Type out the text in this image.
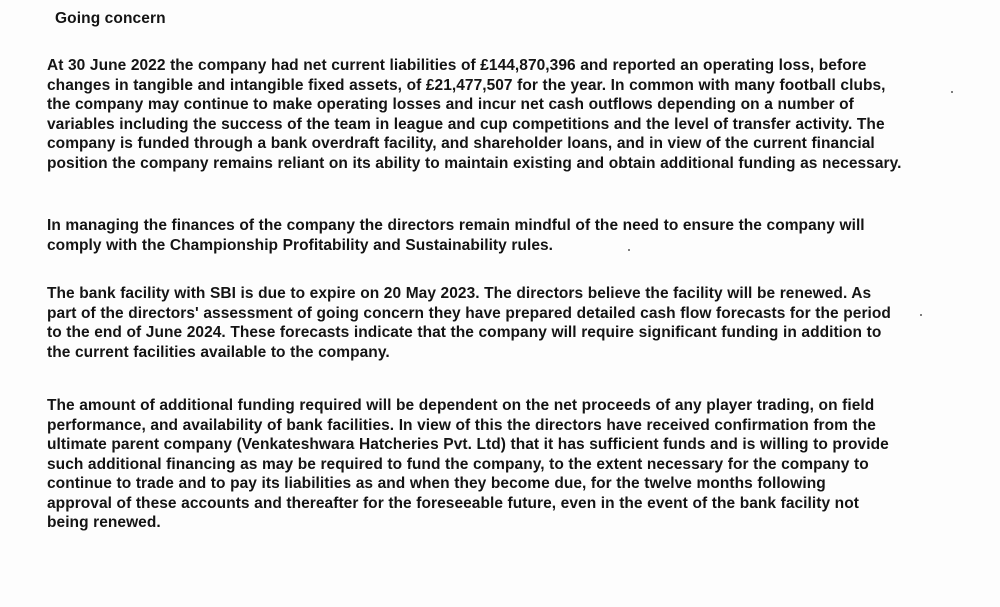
Going concern

At 30 June 2022 the company had net current liabilities of £144,870,396 and reported an operating loss, before
changes in tangible and intangible fixed assets, of £21,477,507 for the year. In common with many football clubs,
the company may continue to make operating losses and incur net cash outflows depending on a number of
variables including the success of the team in league and cup competitions and the level of transfer activity. The
company is funded through a bank overdraft facility, and shareholder loans, and in view of the current financial
position the company remains reliant on its ability to maintain existing and obtain additional funding as necessary.

In managing the finances of the company the directors remain mindful of the need to ensure the company will
comply with the Championship Profitability and Sustainability rules.

The bank facility with SBI is due to expire on 20 May 2023. The directors believe the facility will be renewed. As
part of the directors' assessment of going concern they have prepared detailed cash flow forecasts for the period
to the end of June 2024. These forecasts indicate that the company will require significant funding in addition to
the current facilities available to the company.

The amount of additional funding required will be dependent on the net proceeds of any player trading, on field
performance, and availability of bank facilities. In view of this the directors have received confirmation from the
ultimate parent company (Venkateshwara Hatcheries Pvt. Ltd) that it has sufficient funds and is willing to provide
such additional financing as may be required to fund the company, to the extent necessary for the company to
continue to trade and to pay its liabilities as and when they become due, for the twelve months following
approval of these accounts and thereafter for the foreseeable future, even in the event of the bank facility not
being renewed.
